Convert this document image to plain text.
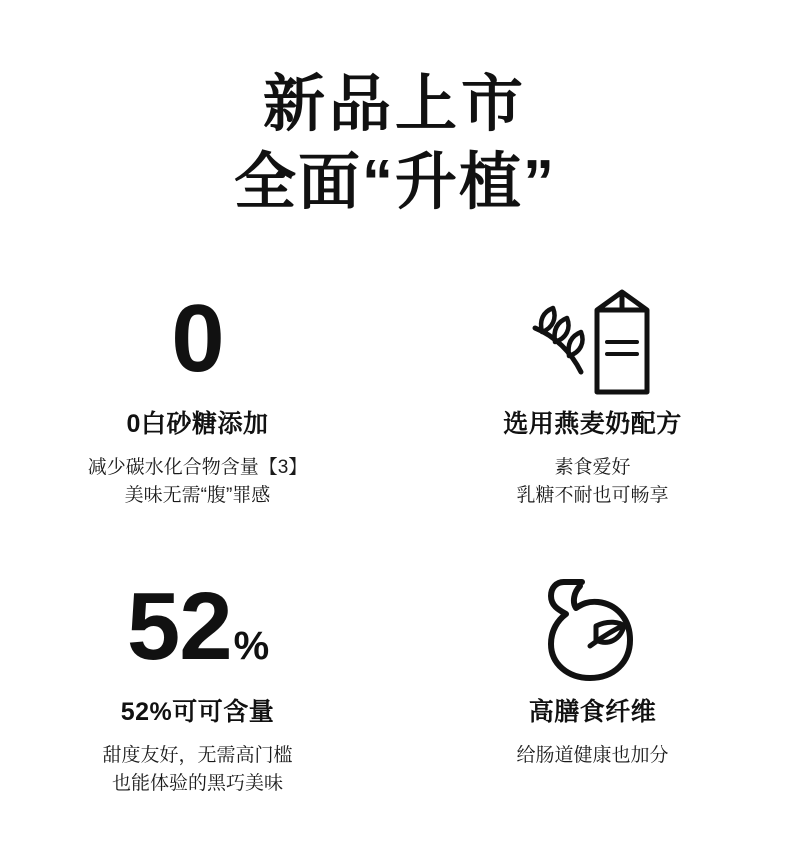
新品上市
全面“升植”
0
0白砂糖添加
减少碳水化合物含量【3】
美味无需“腹”罪感
选用燕麦奶配方
素食爱好
乳糖不耐也可畅享
52 %
52%可可含量
甜度友好，无需高门槛
也能体验的黑巧美味
高膳食纤维
给肠道健康也加分
